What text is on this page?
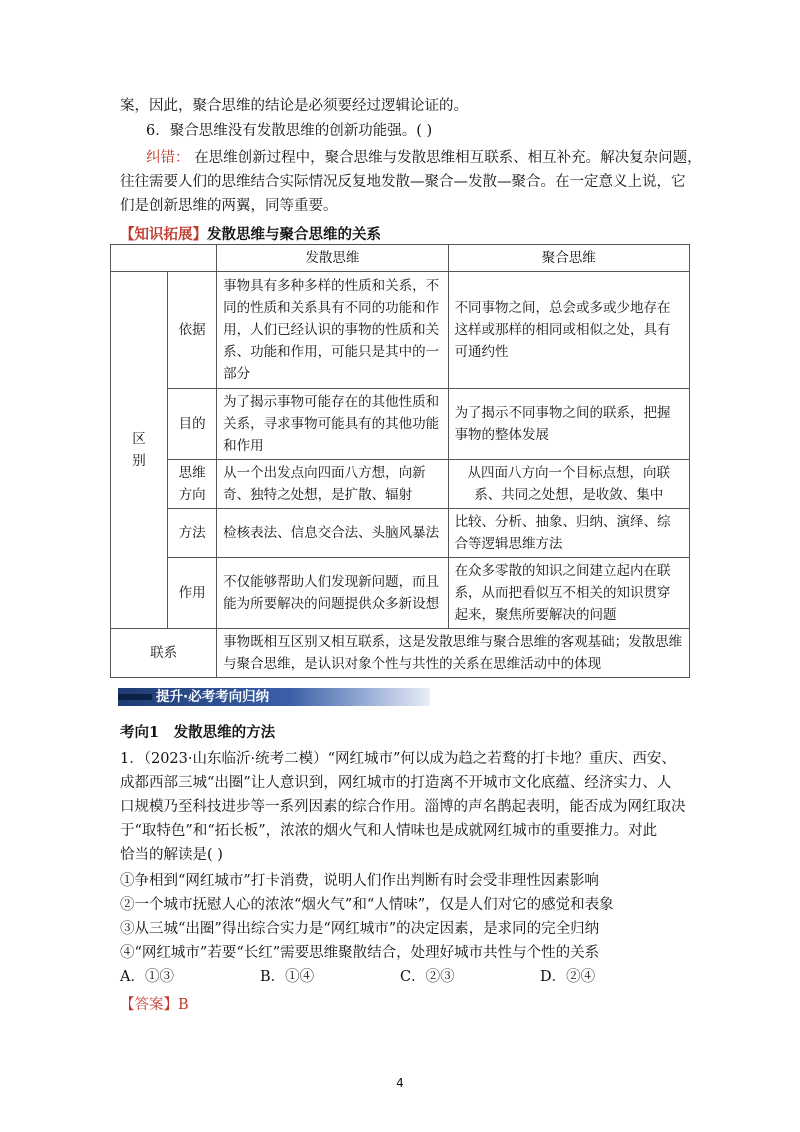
案，因此，聚合思维的结论是必须要经过逻辑论证的。
6．聚合思维没有发散思维的创新功能强。( )
纠错： 在思维创新过程中，聚合思维与发散思维相互联系、相互补充。解决复杂问题，
往往需要人们的思维结合实际情况反复地发散—聚合—发散—聚合。在一定意义上说，它
们是创新思维的两翼，同等重要。
【知识拓展】发散思维与聚合思维的关系
		发散思维	聚合思维
区
别	依据	事物具有多种多样的性质和关系，不同的性质和关系具有不同的功能和作用，人们已经认识的事物的性质和关系、功能和作用，可能只是其中的一部分	不同事物之间，总会或多或少地存在这样或那样的相同或相似之处，具有可通约性
	目的	为了揭示事物可能存在的其他性质和关系，寻求事物可能具有的其他功能和作用	为了揭示不同事物之间的联系，把握事物的整体发展
	思维方向	从一个出发点向四面八方想，向新奇、独特之处想，是扩散、辐射	从四面八方向一个目标点想，向联系、共同之处想，是收敛、集中
	方法	检核表法、信息交合法、头脑风暴法	比较、分析、抽象、归纳、演绎、综合等逻辑思维方法
	作用	不仅能够帮助人们发现新问题，而且能为所要解决的问题提供众多新设想	在众多零散的知识之间建立起内在联系，从而把看似互不相关的知识贯穿起来，聚焦所要解决的问题
联系		事物既相互区别又相互联系，这是发散思维与聚合思维的客观基础；发散思维与聚合思维，是认识对象个性与共性的关系在思维活动中的体现	
提升·必考考向归纳
考向1　发散思维的方法
1．（2023·山东临沂·统考二模）“网红城市”何以成为趋之若鹜的打卡地？重庆、西安、
成都西部三城“出圈”让人意识到，网红城市的打造离不开城市文化底蕴、经济实力、人
口规模乃至科技进步等一系列因素的综合作用。淄博的声名鹊起表明，能否成为网红取决
于“取特色”和“拓长板”，浓浓的烟火气和人情味也是成就网红城市的重要推力。对此
恰当的解读是( )
①争相到“网红城市”打卡消费，说明人们作出判断有时会受非理性因素影响
②一个城市抚慰人心的浓浓“烟火气”和“人情味”，仅是人们对它的感觉和表象
③从三城“出圈”得出综合实力是“网红城市”的决定因素，是求同的完全归纳
④“网红城市”若要“长红”需要思维聚散结合，处理好城市共性与个性的关系
A．①③	B．①④	C．②③	D．②④
【答案】B
4
